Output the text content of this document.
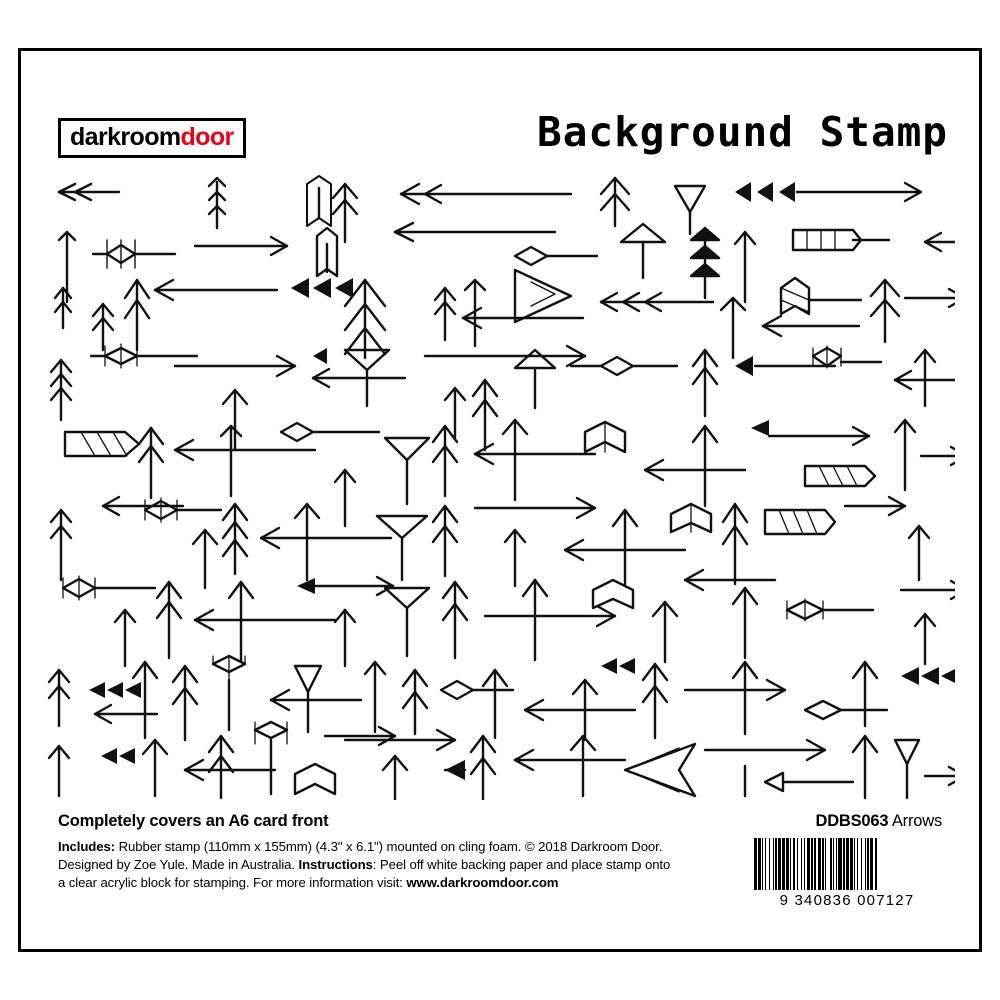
darkroomdoor	Background Stamp
Completely covers an A6 card front	DDBS063 Arrows
Includes: Rubber stamp (110mm x 155mm) (4.3" x 6.1") mounted on cling foam. © 2018 Darkroom Door. Designed by Zoe Yule. Made in Australia. Instructions: Peel off white backing paper and place stamp onto a clear acrylic block for stamping. For more information visit: www.darkroomdoor.com
9 340836 007127
